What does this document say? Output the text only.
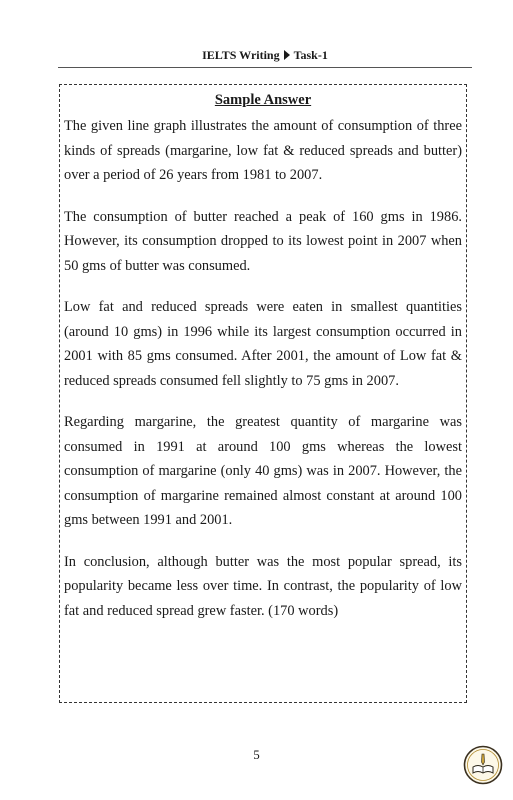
IELTS Writing Task-1
Sample Answer

The given line graph illustrates the amount of consumption of three kinds of spreads (margarine, low fat & reduced spreads and butter) over a period of 26 years from 1981 to 2007.

The consumption of butter reached a peak of 160 gms in 1986. However, its consumption dropped to its lowest point in 2007 when 50 gms of butter was consumed.

Low fat and reduced spreads were eaten in smallest quantities (around 10 gms) in 1996 while its largest consumption occurred in 2001 with 85 gms consumed. After 2001, the amount of Low fat & reduced spreads consumed fell slightly to 75 gms in 2007.

Regarding margarine, the greatest quantity of margarine was consumed in 1991 at around 100 gms whereas the lowest consumption of margarine (only 40 gms) was in 2007. However, the consumption of margarine remained almost constant at around 100 gms between 1991 and 2001.

In conclusion, although butter was the most popular spread, its popularity became less over time. In contrast, the popularity of low fat and reduced spread grew faster. (170 words)

5
